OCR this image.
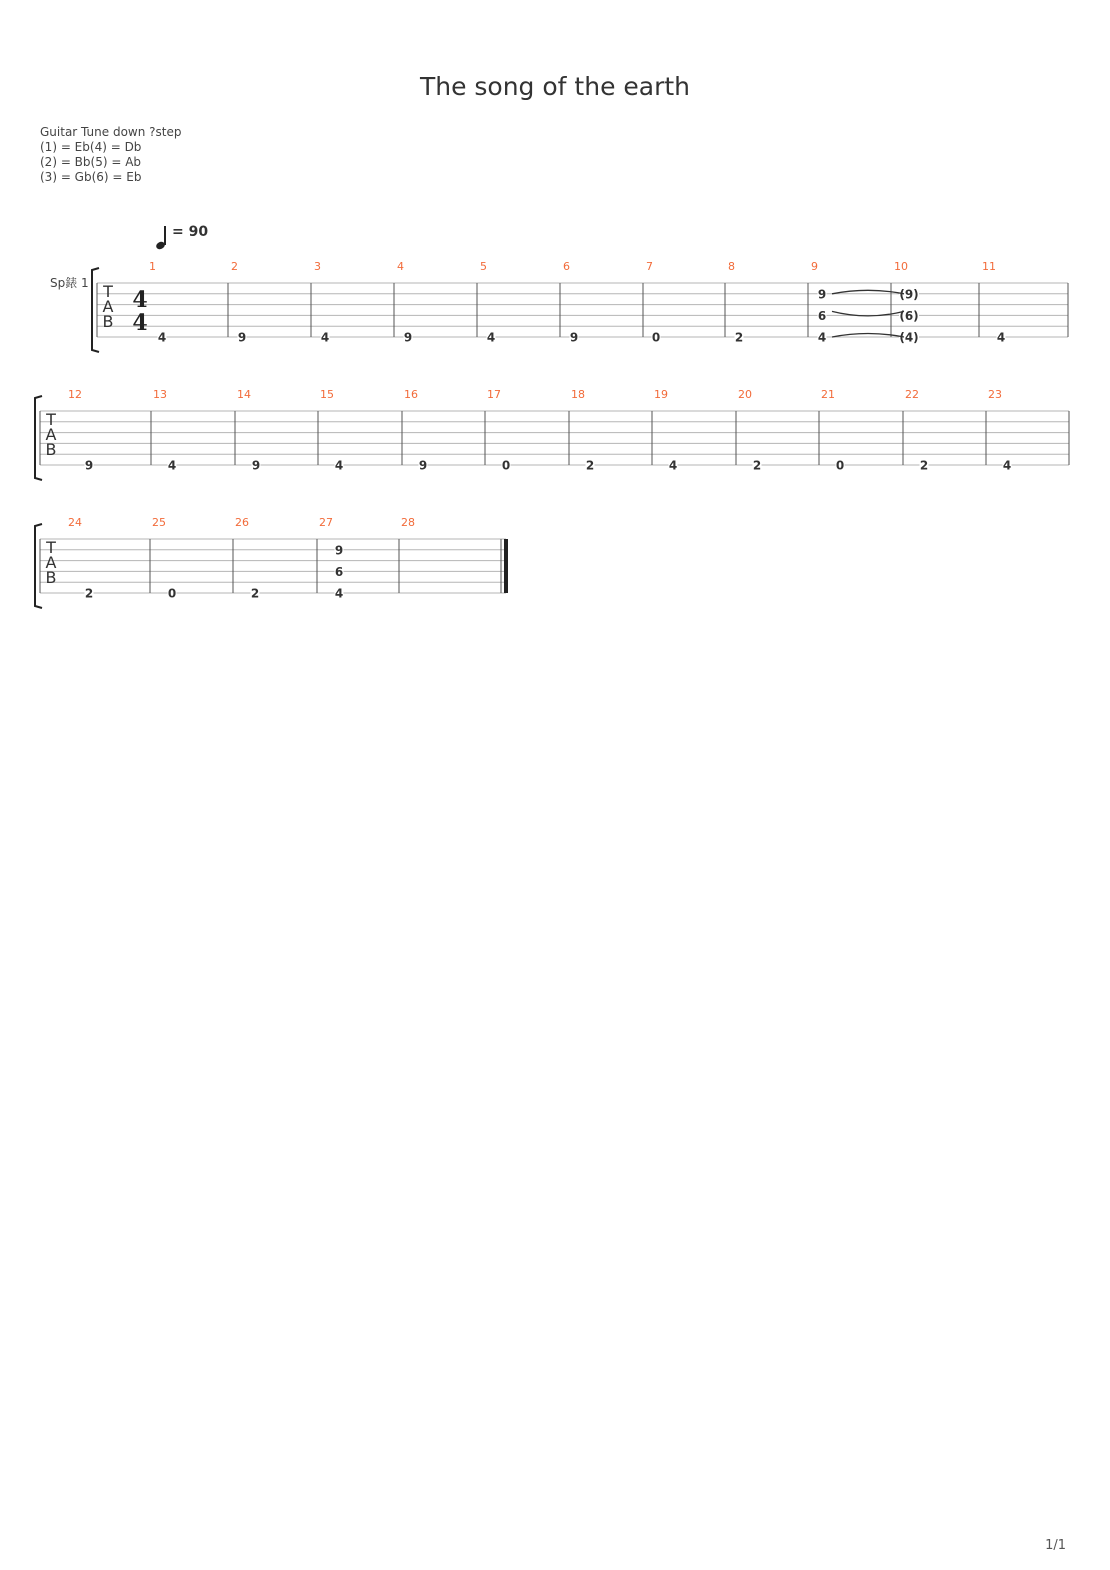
The song of the earth
Guitar Tune down ?step
(1) = Eb(4) = Db
(2) = Bb(5) = Ab
(3) = Gb(6) = Eb
= 90
Sp錶 1 T
A
B
4
4
1
4
2
9
3
4
4
9
5
4
6
9
7
0
8
2
9
9
6
4
10
(9)
(6)
(4)
11
4
T
A
B
12
9
13
4
14
9
15
4
16
9
17
0
18
2
19
4
20
2
21
0
22
2
23
4
T
A
B
24
2
25
0
26
2
27
9
6
4
28
1/1
